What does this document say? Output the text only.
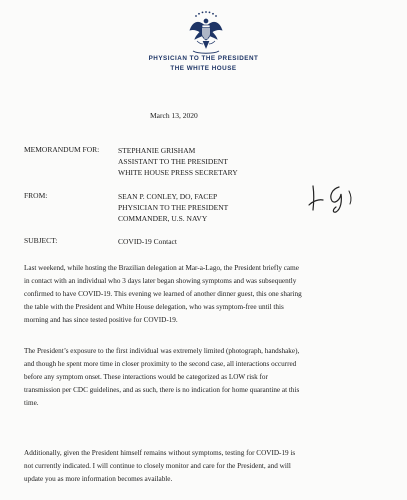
PHYSICIAN TO THE PRESIDENT
THE WHITE HOUSE
March 13, 2020
MEMORANDUM FOR:	STEPHANIE GRISHAM
ASSISTANT TO THE PRESIDENT
WHITE HOUSE PRESS SECRETARY
FROM:	SEAN P. CONLEY, DO, FACEP
PHYSICIAN TO THE PRESIDENT
COMMANDER, U.S. NAVY
SUBJECT:	COVID-19 Contact
Last weekend, while hosting the Brazilian delegation at Mar-a-Lago, the President briefly came
in contact with an individual who 3 days later began showing symptoms and was subsequently
confirmed to have COVID-19. This evening we learned of another dinner guest, this one sharing
the table with the President and White House delegation, who was symptom-free until this
morning and has since tested positive for COVID-19.
The President’s exposure to the first individual was extremely limited (photograph, handshake),
and though he spent more time in closer proximity to the second case, all interactions occurred
before any symptom onset. These interactions would be categorized as LOW risk for
transmission per CDC guidelines, and as such, there is no indication for home quarantine at this
time.
Additionally, given the President himself remains without symptoms, testing for COVID-19 is
not currently indicated. I will continue to closely monitor and care for the President, and will
update you as more information becomes available.
